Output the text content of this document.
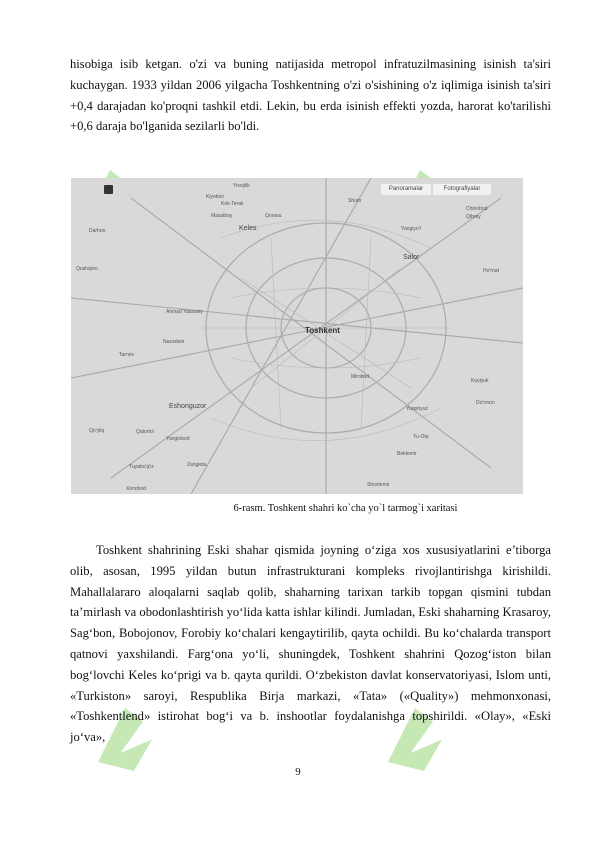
hisobiga isib ketgan. o'zi va buning natijasida metropol infratuzilmasining isinish ta'siri kuchaygan. 1933 yildan 2006 yilgacha Toshkentning o'zi o'sishining o'z iqlimiga isinish ta'siri +0,4 darajadan ko'proqni tashkil etdi. Lekin, bu erda isinish effekti yozda, harorat ko'tarilishi +0,6 daraja bo'lganida sezilarli bo'ldi.

Panoramalar	Fotografiyalar
Toshkent
Eshonguzor
Keles
Salor
Yovqilik
Kiyobon
Kok-Terak
Masalboy	Qorasu
Shuro
Darhon
Qushqoro
Yangiyo'l
Qibray
Chinobod
Ho'rnat
Nazarbek
Tarnov
Qatortol
Yangiobod
Yuqoriyuz
Bektemir
Do'rmon
Shoxtemir
Qo'yliq
Ahmad Yassaviy
Zangiota
Kuylyuk
Yu-Ota
Tuyabo'g'iz
Xonobod
Mirobod
6-rasm. Toshkent shahri ko`cha yo`l tarmog`i xaritasi

Toshkent shahrining Eski shahar qismida joyning o‘ziga xos xususiyatlarini e’tiborga olib, asosan, 1995 yildan butun infrastrukturani kompleks rivojlantirishga kirishildi. Mahallalararo aloqalarni saqlab qolib, shaharning tarixan tarkib topgan qismini tubdan ta’mirlash va obodonlashtirish yo‘lida katta ishlar kilindi. Jumladan, Eski shaharning Krasaroy, Sag‘bon, Bobojonov, Forobiy ko‘chalari kengaytirilib, qayta ochildi. Bu ko‘chalarda transport qatnovi yaxshilandi. Farg‘ona yo‘li, shuningdek, Toshkent shahrini Qozog‘iston bilan bog‘lovchi Keles ko‘prigi va b. qayta qurildi. O‘zbekiston davlat konservatoriyasi, Islom unti, «Turkiston» saroyi, Respublika Birja markazi, «Tata» («Quality») mehmonxonasi, «Toshkentlend» istirohat bog‘i va b. inshootlar foydalanishga topshirildi. «Olay», «Eski jo‘va»,

9
